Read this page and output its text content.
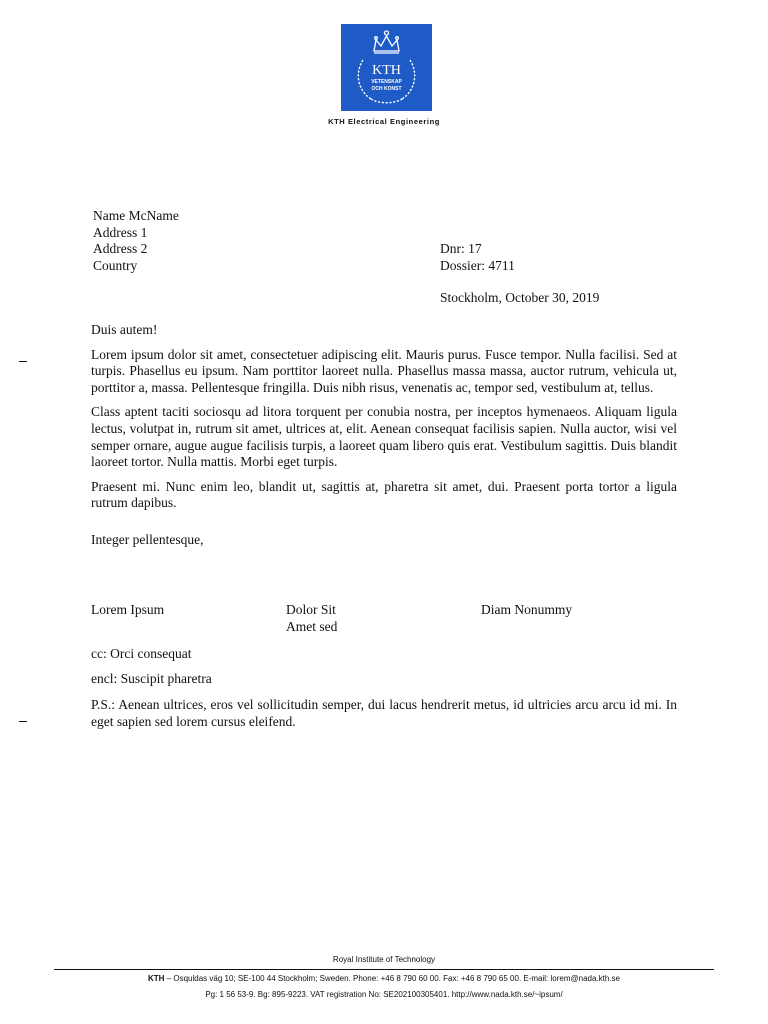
KTH
VETENSKAP
OCH KONST
KTH Electrical Engineering
Name McName
Address 1
Address 2
Country
Dnr: 17
Dossier: 4711
Stockholm, October 30, 2019

Duis autem!

Lorem ipsum dolor sit amet, consectetuer adipiscing elit. Mauris purus. Fusce tempor. Nulla facilisi. Sed at turpis. Phasellus eu ipsum. Nam porttitor laoreet nulla. Phasellus massa massa, auctor rutrum, vehicula ut, porttitor a, massa. Pellentesque fringilla. Duis nibh risus, venenatis ac, tempor sed, vestibulum at, tellus.

Class aptent taciti sociosqu ad litora torquent per conubia nostra, per inceptos hymenaeos. Aliquam ligula lectus, volutpat in, rutrum sit amet, ultrices at, elit. Aenean consequat facilisis sapien. Nulla auctor, wisi vel semper ornare, augue augue facilisis turpis, a laoreet quam libero quis erat. Vestibulum sagittis. Duis blandit laoreet tortor. Nulla mattis. Morbi eget turpis.

Praesent mi. Nunc enim leo, blandit ut, sagittis at, pharetra sit amet, dui. Praesent porta tortor a ligula rutrum dapibus.

Integer pellentesque,

Lorem Ipsum	Dolor Sit
Amet sed
Diam Nonummy
cc: Orci consequat
encl: Suscipit pharetra
P.S.: Aenean ultrices, eros vel sollicitudin semper, dui lacus hendrerit metus, id ultricies arcu arcu id mi. In eget sapien sed lorem cursus eleifend.
Royal Institute of Technology
KTH – Osquldas väg 10; SE-100 44 Stockholm; Sweden. Phone: +46 8 790 60 00. Fax: +46 8 790 65 00. E-mail: lorem@nada.kth.se
Pg: 1 56 53-9. Bg: 895-9223. VAT registration No: SE202100305401. http://www.nada.kth.se/~ipsum/
